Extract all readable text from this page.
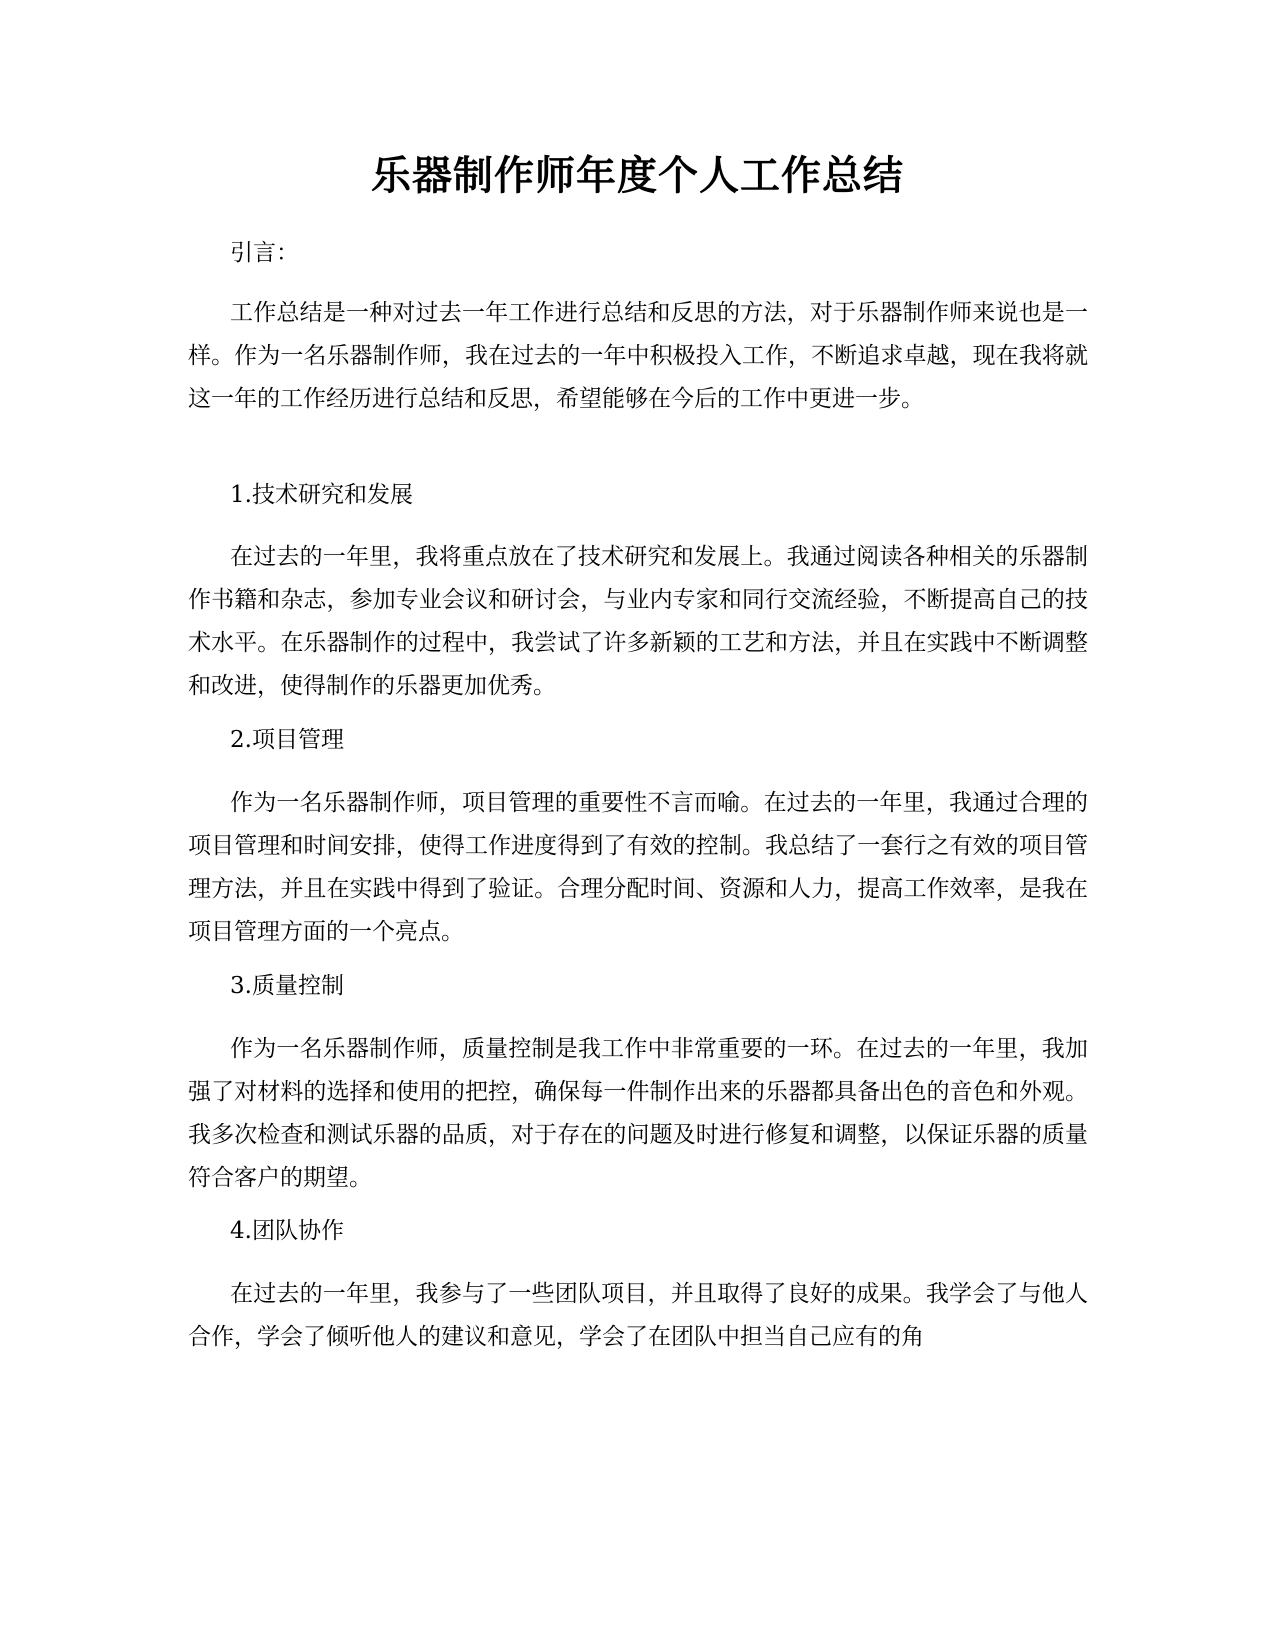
乐器制作师年度个人工作总结

引言：

工作总结是一种对过去一年工作进行总结和反思的方法，对于乐器制作师来说也是一样。作为一名乐器制作师，我在过去的一年中积极投入工作，不断追求卓越，现在我将就这一年的工作经历进行总结和反思，希望能够在今后的工作中更进一步。

1.技术研究和发展

在过去的一年里，我将重点放在了技术研究和发展上。我通过阅读各种相关的乐器制作书籍和杂志，参加专业会议和研讨会，与业内专家和同行交流经验，不断提高自己的技术水平。在乐器制作的过程中，我尝试了许多新颖的工艺和方法，并且在实践中不断调整和改进，使得制作的乐器更加优秀。

2.项目管理

作为一名乐器制作师，项目管理的重要性不言而喻。在过去的一年里，我通过合理的项目管理和时间安排，使得工作进度得到了有效的控制。我总结了一套行之有效的项目管理方法，并且在实践中得到了验证。合理分配时间、资源和人力，提高工作效率，是我在项目管理方面的一个亮点。

3.质量控制

作为一名乐器制作师，质量控制是我工作中非常重要的一环。在过去的一年里，我加强了对材料的选择和使用的把控，确保每一件制作出来的乐器都具备出色的音色和外观。我多次检查和测试乐器的品质，对于存在的问题及时进行修复和调整，以保证乐器的质量符合客户的期望。

4.团队协作

在过去的一年里，我参与了一些团队项目，并且取得了良好的成果。我学会了与他人合作，学会了倾听他人的建议和意见，学会了在团队中担当自己应有的角
